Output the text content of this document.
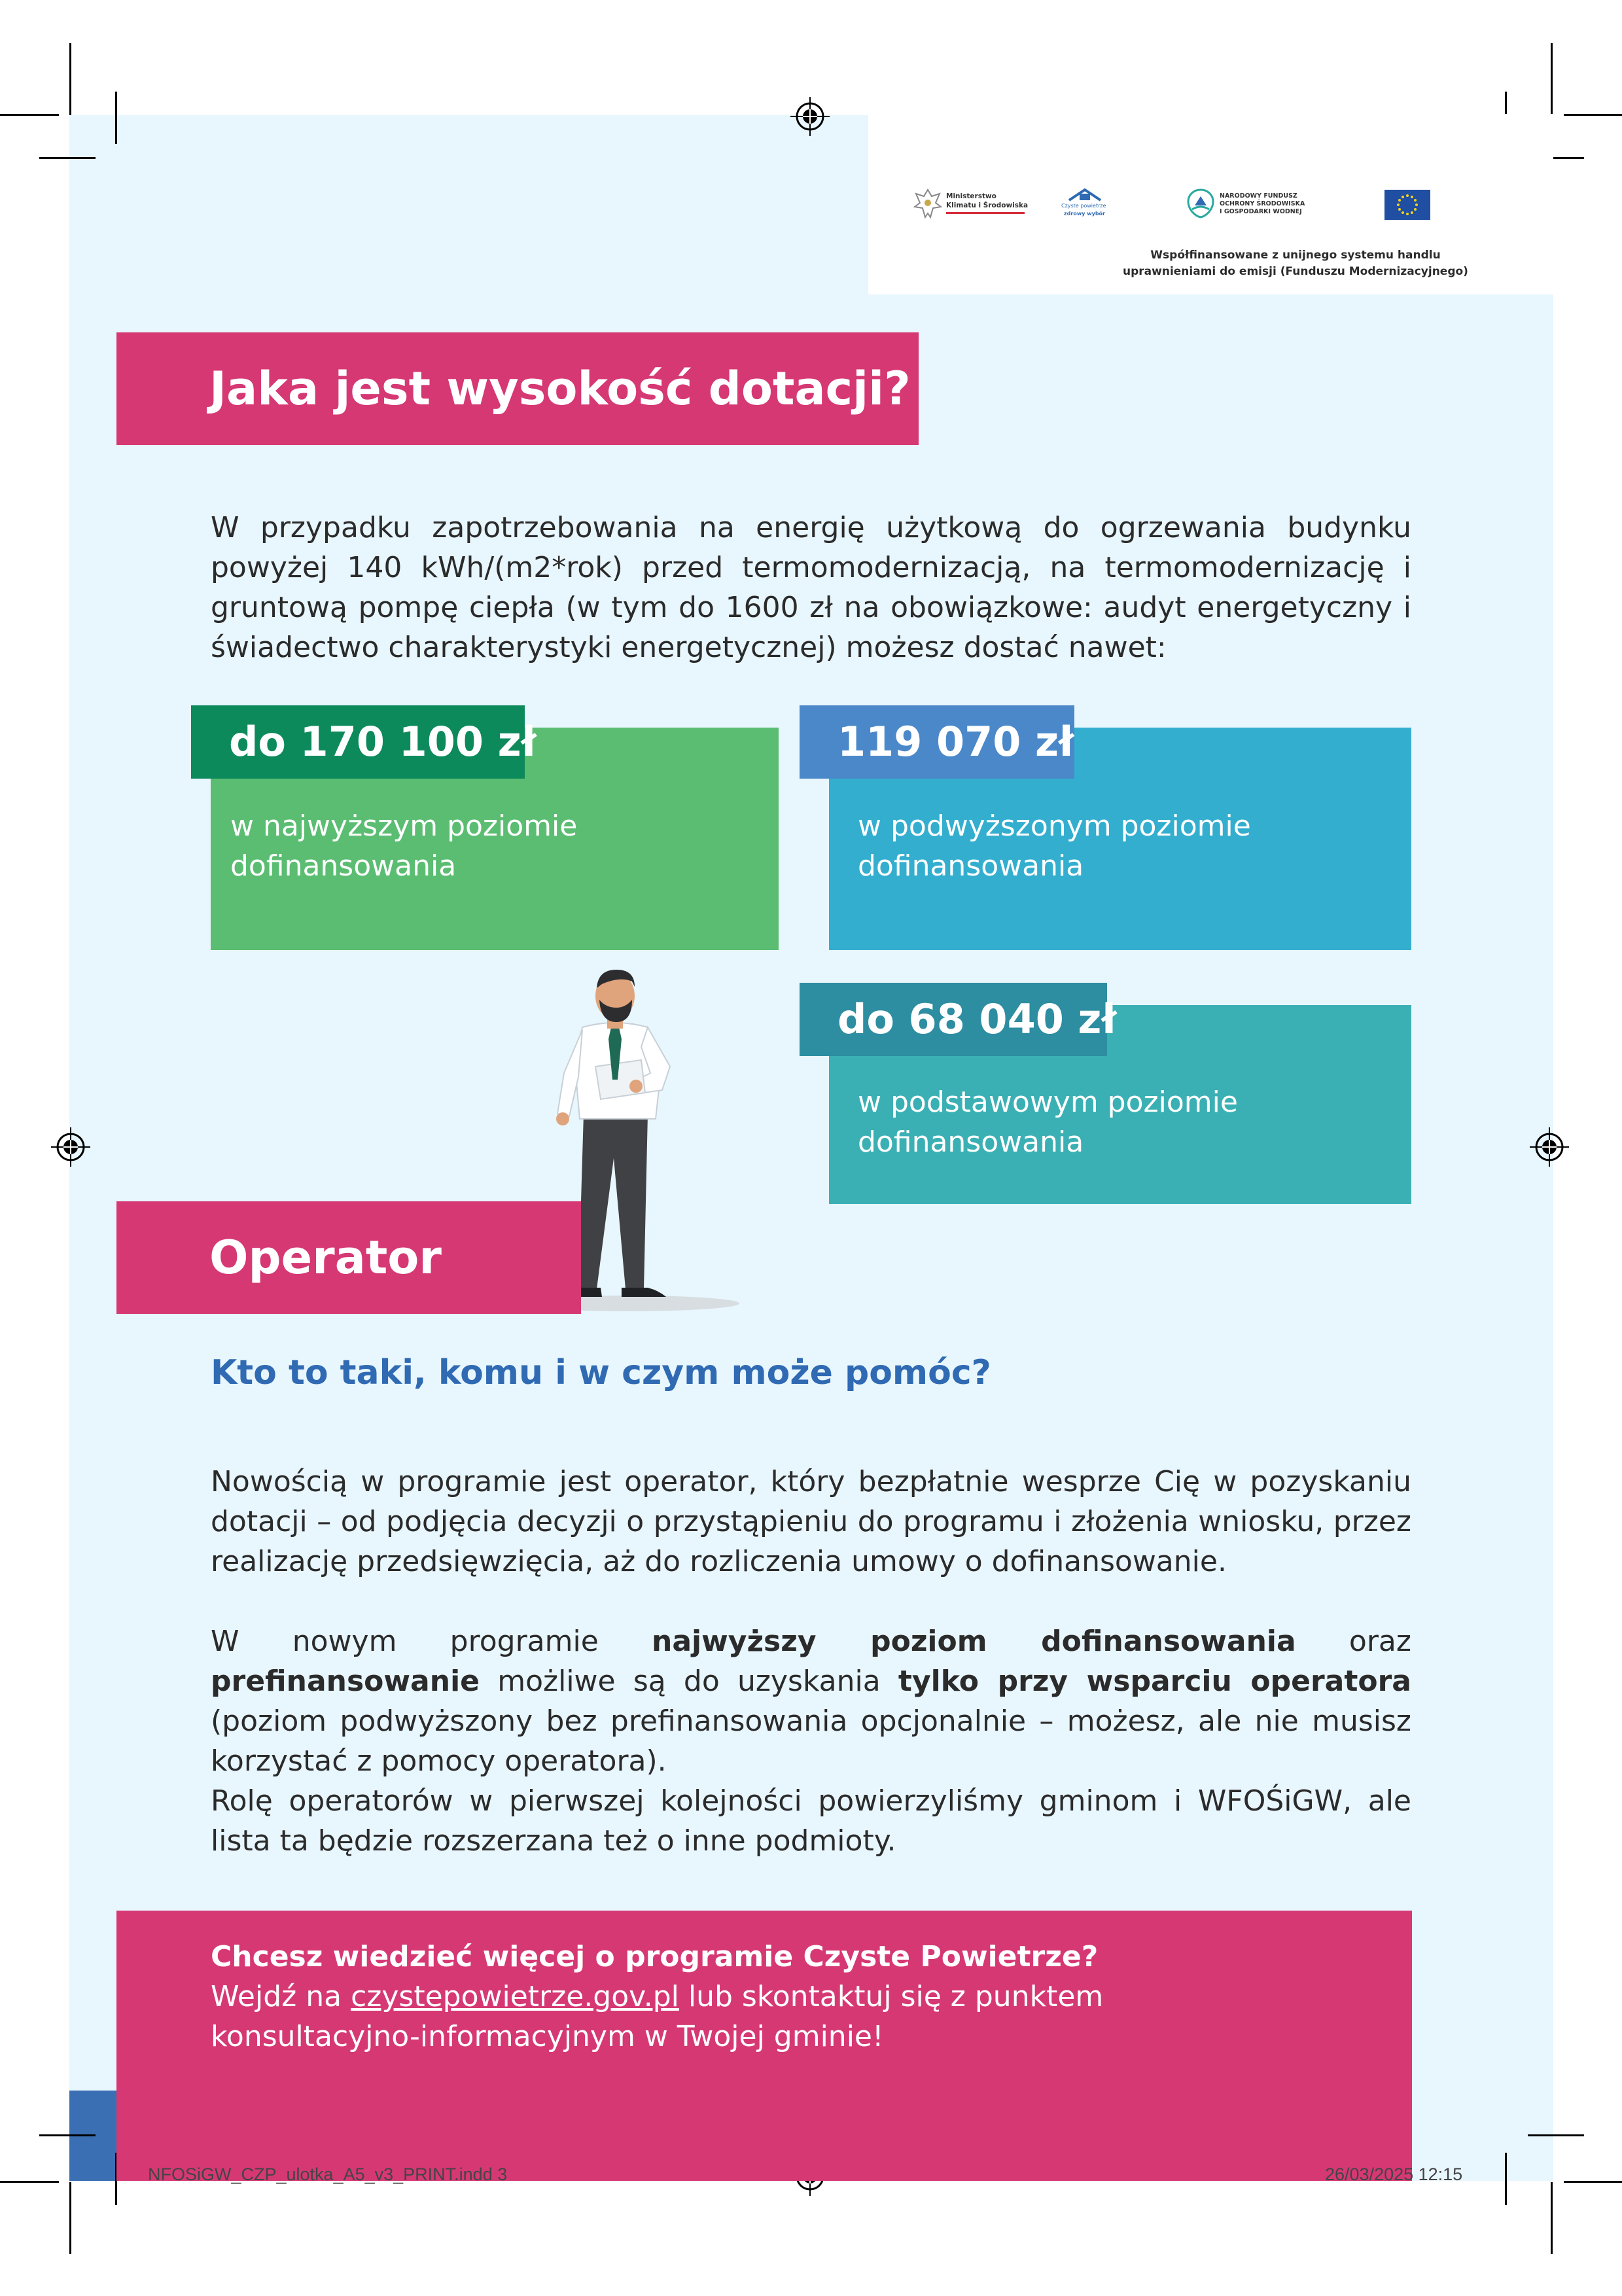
Ministerstwo
Klimatu i Środowiska	Czyste powietrze
zdrowy wybór
NARODOWY FUNDUSZ
OCHRONY ŚRODOWISKA
I GOSPODARKI WODNEJ
Współfinansowane z unijnego systemu handlu
uprawnieniami do emisji (Funduszu Modernizacyjnego)
Jaka jest wysokość dotacji?
W przypadku zapotrzebowania na energię użytkową do ogrzewania budynku powyżej 140 kWh/(m2*rok) przed termomodernizacją, na termomodernizację i gruntową pompę ciepła (w tym do 1600 zł na obowiązkowe: audyt energetyczny i świadectwo charakterystyki energetycznej) możesz dostać nawet:
w najwyższym poziomie
dofinansowania
do 170 100 zł
w podwyższonym poziomie
dofinansowania
119 070 zł
w podstawowym poziomie
dofinansowania
do 68 040 zł
Operator
Kto to taki, komu i w czym może pomóc?
Nowością w programie jest operator, który bezpłatnie wesprze Cię w pozyskaniu dotacji – od podjęcia decyzji o przystąpieniu do programu i złożenia wniosku, przez realizację przedsięwzięcia, aż do rozliczenia umowy o dofinansowanie.
W nowym programie najwyższy poziom dofinansowania oraz prefinansowanie możliwe są do uzyskania tylko przy wsparciu operatora (poziom podwyższony bez prefinansowania opcjonalnie – możesz, ale nie musisz korzystać z pomocy operatora).
Rolę operatorów w pierwszej kolejności powierzyliśmy gminom i WFOŚiGW, ale lista ta będzie rozszerzana też o inne podmioty.
Chcesz wiedzieć więcej o programie Czyste Powietrze?
Wejdź na czystepowietrze.gov.pl lub skontaktuj się z punktem
konsultacyjno-informacyjnym w Twojej gminie!
NFOSiGW_CZP_ulotka_A5_v3_PRINT.indd 3	26/03/2025 12:15
